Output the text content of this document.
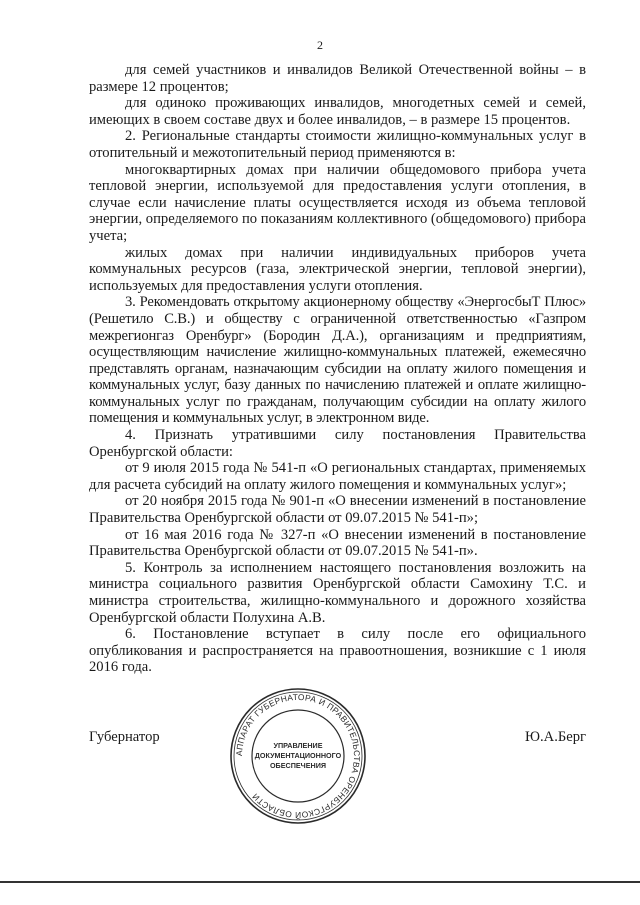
2

для семей участников и инвалидов Великой Отечественной войны – в размере 12 процентов;

для одиноко проживающих инвалидов, многодетных семей и семей, имеющих в своем составе двух и более инвалидов, – в размере 15 процентов.

2. Региональные стандарты стоимости жилищно-коммунальных услуг в отопительный и межотопительный период применяются в:

многоквартирных домах при наличии общедомового прибора учета тепловой энергии, используемой для предоставления услуги отопления, в случае если начисление платы осуществляется исходя из объема тепловой энергии, определяемого по показаниям коллективного (общедомового) прибора учета;

жилых домах при наличии индивидуальных приборов учета коммунальных ресурсов (газа, электрической энергии, тепловой энергии), используемых для предоставления услуги отопления.

3. Рекомендовать открытому акционерному обществу «ЭнергосбыТ Плюс» (Решетило С.В.) и обществу с ограниченной ответственностью «Газпром межрегионгаз Оренбург» (Бородин Д.А.), организациям и предприятиям, осуществляющим начисление жилищно-коммунальных платежей, ежемесячно представлять органам, назначающим субсидии на оплату жилого помещения и коммунальных услуг, базу данных по начислению платежей и оплате жилищно-коммунальных услуг по гражданам, получающим субсидии на оплату жилого помещения и коммунальных услуг, в электронном виде.

4. Признать утратившими силу постановления Правительства Оренбургской области:

от 9 июля 2015 года № 541-п «О региональных стандартах, применяемых для расчета субсидий на оплату жилого помещения и коммунальных услуг»;

от 20 ноября 2015 года № 901-п «О внесении изменений в постановление Правительства Оренбургской области от 09.07.2015 № 541-п»;

от 16 мая 2016 года № 327-п «О внесении изменений в постановление Правительства Оренбургской области от 09.07.2015 № 541-п».

5. Контроль за исполнением настоящего постановления возложить на министра социального развития Оренбургской области Самохину Т.С. и министра строительства, жилищно-коммунального и дорожного хозяйства Оренбургской области Полухина А.В.

6. Постановление вступает в силу после его официального опубликования и распространяется на правоотношения, возникшие с 1 июля 2016 года.

АППАРАТ ГУБЕРНАТОРА И ПРАВИТЕЛЬСТВА ОРЕНБУРГСКОЙ ОБЛАСТИ
УПРАВЛЕНИЕ
ДОКУМЕНТАЦИОННОГО
ОБЕСПЕЧЕНИЯ
Губернатор	Ю.А.Берг
